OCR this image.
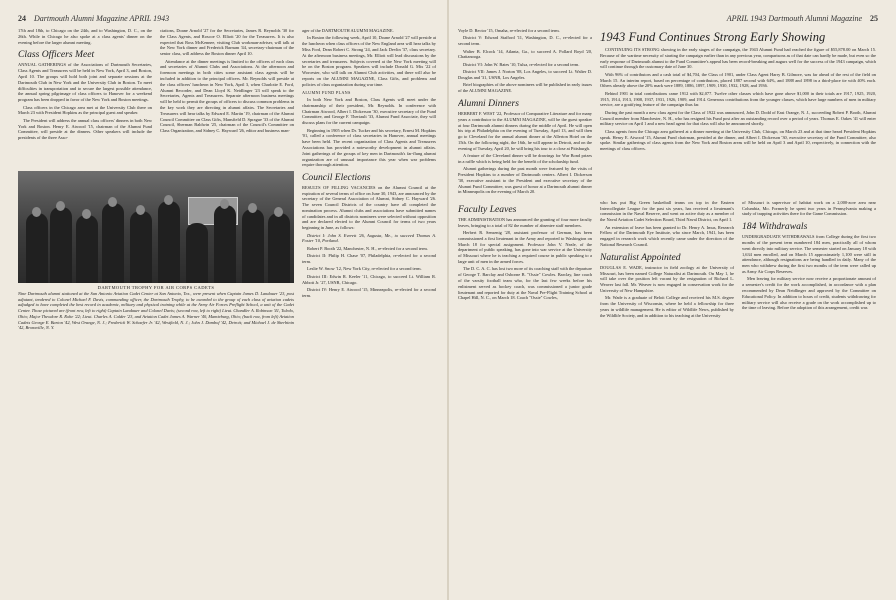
24 Dartmouth Alumni Magazine APRIL 1943

17th and 18th, to Chicago on the 24th, and to Washington, D. C., on the 26th. While in Chicago he also spoke at a class agents' dinner on the evening before the larger alumni meeting.

Class Officers Meet

ANNUAL GATHERINGS of the Associations of Dartmouth Secretaries, Class Agents and Treasurers will be held in New York, April 3, and Boston, April 10. The groups will hold both joint and separate sessions at the Dartmouth Club in New York and the University Club in Boston. To meet difficulties in transportation and to secure the largest possible attendance, the annual spring pilgrimage of class officers to Hanover for a weekend program has been dropped in favor of the New York and Boston meetings.

Class officers in the Chicago area met at the University Club there on March 23 with President Hopkins as the principal guest and speaker.

The President will address the annual class officers' dinners in both New York and Boston. Henry E. Atwood '15, chairman of the Alumni Fund Committee, will preside at the dinners. Other speakers will include the presidents of the three Asso-

ciations, Doane Arnold '27 for the Secretaries, James R. Reynolds '30 for the Class Agents, and Roscoe O. Elliott '20 for the Treasurers. It is also expected that Ross McKennee, visiting Club workman-adviser, will talk at the New York dinner and Frederick Barnum '44, secretary-chairman of the senior class, will address the Boston dinner April 10.

Attendance at the dinner meetings is limited to the officers of each class and secretaries of Alumni Clubs and Associations. At the afternoon and forenoon meetings in both cities some assistant class agents will be included in addition to the principal officers. Mr. Reynolds will preside at the class officers' luncheon in New York, April 3, when Charlotte E. Ford, Alumni Recorder, and Dean Lloyd K. Neidlinger '23 will speak to the Secretaries, Agents and Treasurers. Separate afternoon business meetings will be held to permit the groups of officers to discuss common problems in the key work they are directing in alumni affairs. The Secretaries and Treasurers will hear talks by Edward E. Martin '19, chairman of the Alumni Council Committee on Class Gifts, Mansfield D. Sprague '33 of the Alumni Council, Sherman Baldwin '25, chairman of the Council's Committee on Class Organization, and Sidney C. Hayward '26, editor and business man-

ager of the DARTMOUTH ALUMNI MAGAZINE.

In Boston the following week, April 10, Doane Arnold '27 will preside at the luncheon when class officers of the New England area will hear talks by Miss Ford, Dean Robert C. Strong '24, and Jack Devlin '37, class secretary. At the afternoon business meetings, Mr. Elliott will lead discussions by the secretaries and treasurers. Subjects covered at the New York meeting will be on the Boston program. Speakers will include Donald G. Mix '22 of Worcester, who will talk on Alumni Club activities, and there will also be reports on the ALUMNI MAGAZINE, Class Gifts, and problems and policies of class organization during war time.

ALUMNI FUND PLANS

In both New York and Boston, Class Agents will meet under the chairmanship of their president, Mr. Reynolds. In conference with Chairman Atwood, Albert I. Dickerson '30, executive secretary of the Fund Committee, and George F. Theriault '33, Alumni Fund Associate, they will discuss plans for the current campaign.

Beginning in 1905 when Dr. Tucker and his secretary, Ernest M. Hopkins '01, called a conference of class secretaries in Hanover, annual meetings have been held. The recent organization of Class Agents and Treasurers Associations has provided a noteworthy development in alumni affairs. Joint gatherings of the groups of key men in Dartmouth's far-flung alumni organization are of unusual importance this year when war problems require thorough attention.

DARTMOUTH TROPHY FOR AIR CORPS CADETS
Nine Dartmouth alumni stationed at the San Antonio Aviation Cadet Center at San Antonio, Tex., were present when Captain James D. Landauer '23, post adjutant, tendered to Colonel Michael F. Davis, commanding officer, the Dartmouth Trophy, to be awarded to the group of each class of aviation cadets adjudged to have completed the best record in academic, military and physical training while at the Army Air Forces Preflight School, a unit of the Cadet Center. Those pictured are (front row, left to right) Captain Landauer and Colonel Davis; (second row, left to right) Lieut. Chandler A. Robinson '41, Toledo, Ohio; Major Theodore R. Rohe '22; Lieut. Charles A. Calder '23, and Aviation Cadet James A. Warner '40, Mamieburg, Ohio; (back row, from left) Aviation Cadets George E. Barton '42, West Orange, N. J.; Frederick W. Schaefer Jr. '42, Westfield, N. J.; John J. Dambof '42, Detroit; and Michael J. de Sherbinin '42, Bronxville, N. Y.
Council Elections

RESULTS OF FILLING VACANCIES on the Alumni Council at the expiration of several terms of office on June 30, 1943, are announced by the secretary of the General Association of Alumni, Sidney C. Hayward '26. The seven Council Districts of the country have all completed the nomination process. Alumni clubs and associations have submitted names of candidates and in all districts nominees were selected without opposition and are declared elected to the Alumni Council for terms of two years beginning in June, as follows:

District I: John S. Everett '26, Augusta, Me., to succeed Thomas A. Foster '10, Portland.

Robert P. Booth '22, Manchester, N. H., re-elected for a second term.

District II: Philip H. Chase '07, Philadelphia, re-elected for a second term.

Leslie W. Snow '12, New York City, re-elected for a second term.

District III: Edwin R. Keeler '11, Chicago, to succeed Lt. William R. Abbott Jr. '27, USNR, Chicago.

District IV: Henry E. Atwood '15, Minneapolis, re-elected for a second term.

APRIL 1943 Dartmouth Alumni Magazine 25

Voyle D. Rector '15, Omaha, re-elected for a second term.

District V: Edward Stafford '11, Washington, D. C., re-elected for a second term.

Walter B. Elcock '14, Atlanta, Ga., to succeed A. Pollard Boyd '20, Chattanooga.

District VI: John W. Bates '10, Tulsa, re-elected for a second term.

District VII: James J. Norton '08, Los Angeles, to succeed Lt. Walter D. Douglas and '31, USNR, Los Angeles.

Brief biographies of the above nominees will be published in early issues of the ALUMNI MAGAZINE.

Alumni Dinners

HERBERT F. WEST '22, Professor of Comparative Literature and for many years a contributor to the ALUMNI MAGAZINE, will be the guest speaker at four Dartmouth alumni dinners during the middle of April. He will open his trip at Philadelphia on the evening of Tuesday, April 13, and will then go to Cleveland for the annual alumni dinner at the Allerton Hotel on the 15th. On the following night, the 16th, he will appear in Detroit, and on the evening of Tuesday, April 20, he will bring his tour to a close at Pittsburgh.

A feature of the Cleveland dinner will be drawings for War Bond prizes in a raffle which is being held for the benefit of the scholarship fund.

Alumni gatherings during the past month were featured by the visits of President Hopkins to a number of Dartmouth centers. Albert I. Dickerson '30, executive assistant to the President and executive secretary of the Alumni Fund Committee, was guest of honor at a Dartmouth alumni dinner in Minneapolis on the evening of March 20.

1943 Fund Continues Strong Early Showing

CONTINUING ITS STRONG showing in the early stages of the campaign, the 1943 Alumni Fund had reached the figure of $55,878.00 on March 15. Because of the wartime necessity of starting the campaign earlier than in any previous year, comparisons as of that date can hardly be made, but even so the early response of Dartmouth alumni to the Fund Committee's appeal has been record-breaking and augurs well for the success of the 1943 campaign, which will continue through the customary date of June 30.

With 96% of contributors and a cash total of $4,704, the Class of 1901, under Class Agent Harry B. Gilmore, was far ahead of the rest of the field on March 15. An interim report, based on percentage of contributors, placed 1887 second with 64%, and 1888 and 1898 in a third-place tie with 40% each. Others already above the 20% mark were 1889, 1886, 1897, 1909, 1930, 1932, 1928, and 1936.

Behind 1901 in total contributions came 1912 with $2,077. Twelve other classes which have gone above $1,000 in their totals are 1917, 1925, 1920, 1915, 1914, 1913, 1908, 1937, 1931, 1926, 1909, and 1914. Generous contributions from the younger classes, which have large numbers of men in military service, are a gratifying feature of the campaign thus far.

During the past month a new class agent for the Class of 1922 was announced, John D. Dodd of East Orange, N. J., succeeding Robert P. Booth, Alumni Council member from Manchester, N. H., who has resigned his Fund post after an outstanding record over a period of years. Thomas E. Oakes '41 will enter military service on April 1 and a new head agent for that class will also be announced shortly.

Class agents from the Chicago area gathered at a dinner meeting at the University Club, Chicago, on March 23 and at that time heard President Hopkins speak. Henry E. Atwood '15, Alumni Fund chairman, presided at the dinner, and Albert I. Dickerson '30, executive secretary of the Fund Committee, also spoke. Similar gatherings of class agents from the New York and Boston areas will be held on April 3 and April 10, respectively, in connection with the meetings of class officers.

Faculty Leaves

THE ADMINISTRATION has announced the granting of four more faculty leaves, bringing to a total of 82 the number of absentee staff members.

Herbert R. Sensenig '28, assistant professor of German, has been commissioned a first lieutenant in the Army and reported to Washington on March 18 for special assignment. Professor John V. Neale, of the department of public speaking, has gone into war service at the University of Missouri where he is teaching a required course in public speaking to a large unit of men in the armed forces.

The D. C. A. C. has lost two more of its coaching staff with the departure of George T. Barclay and Osborne B. "Ossie" Cowles. Barclay, line coach of the varsity football team who, for the last few weeks before his enlistment served as hockey coach, was commissioned a junior grade lieutenant and reported for duty at the Naval Pre-Flight Training School at Chapel Hill, N. C., on March 18. Coach "Ossie" Cowles,

who has put Big Green basketball teams on top in the Eastern Intercollegiate League for the past six years, has received a lieutenant's commission in the Naval Reserve, and went on active duty as a member of the Naval Aviation Cadet Selection Board, Third Naval District, on April 1.

An extension of leave has been granted to Dr. Henry A. Imus, Research Fellow of the Dartmouth Eye Institute, who since March, 1941, has been engaged in research work which recently came under the direction of the National Research Council.

Naturalist Appointed

DOUGLAS E. WADE, instructor in field zoology at the University of Missouri, has been named College Naturalist at Dartmouth. On May 1, he will take over the position left vacant by the resignation of Richard L. Weaver last fall. Mr. Weaver is now engaged in conservation work for the University of New Hampshire.

Mr. Wade is a graduate of Beloit College and received his M.S. degree from the University of Wisconsin, where he held a fellowship for three years in wildlife management. He is editor of Wildlife News, published by the Wildlife Society, and in addition to his teaching at the University

of Missouri is supervisor of habitat work on a 2,000-acre area near Columbia, Mo. Formerly he spent two years in Pennsylvania making a study of trapping activities there for the Game Commission.

184 Withdrawals

UNDERGRADUATE WITHDRAWALS from College during the first two months of the present term numbered 184 men, practically all of whom went directly into military service. The semester started on January 18 with 1,634 men enrolled, and on March 15 approximately 1,100 were still in attendance, although resignations are being handled in daily. Many of the men who withdrew during the first two months of the term were called up as Army Air Corps Reserves.

Men leaving for military service now receive a proportionate amount of a semester's credit for the work accomplished, in accordance with a plan recommended by Dean Neidlinger and approved by the Committee on Educational Policy. In addition to hours of credit, students withdrawing for military service will also receive a grade on the work accomplished up to the time of leaving. Before the adoption of this arrangement, credit was
